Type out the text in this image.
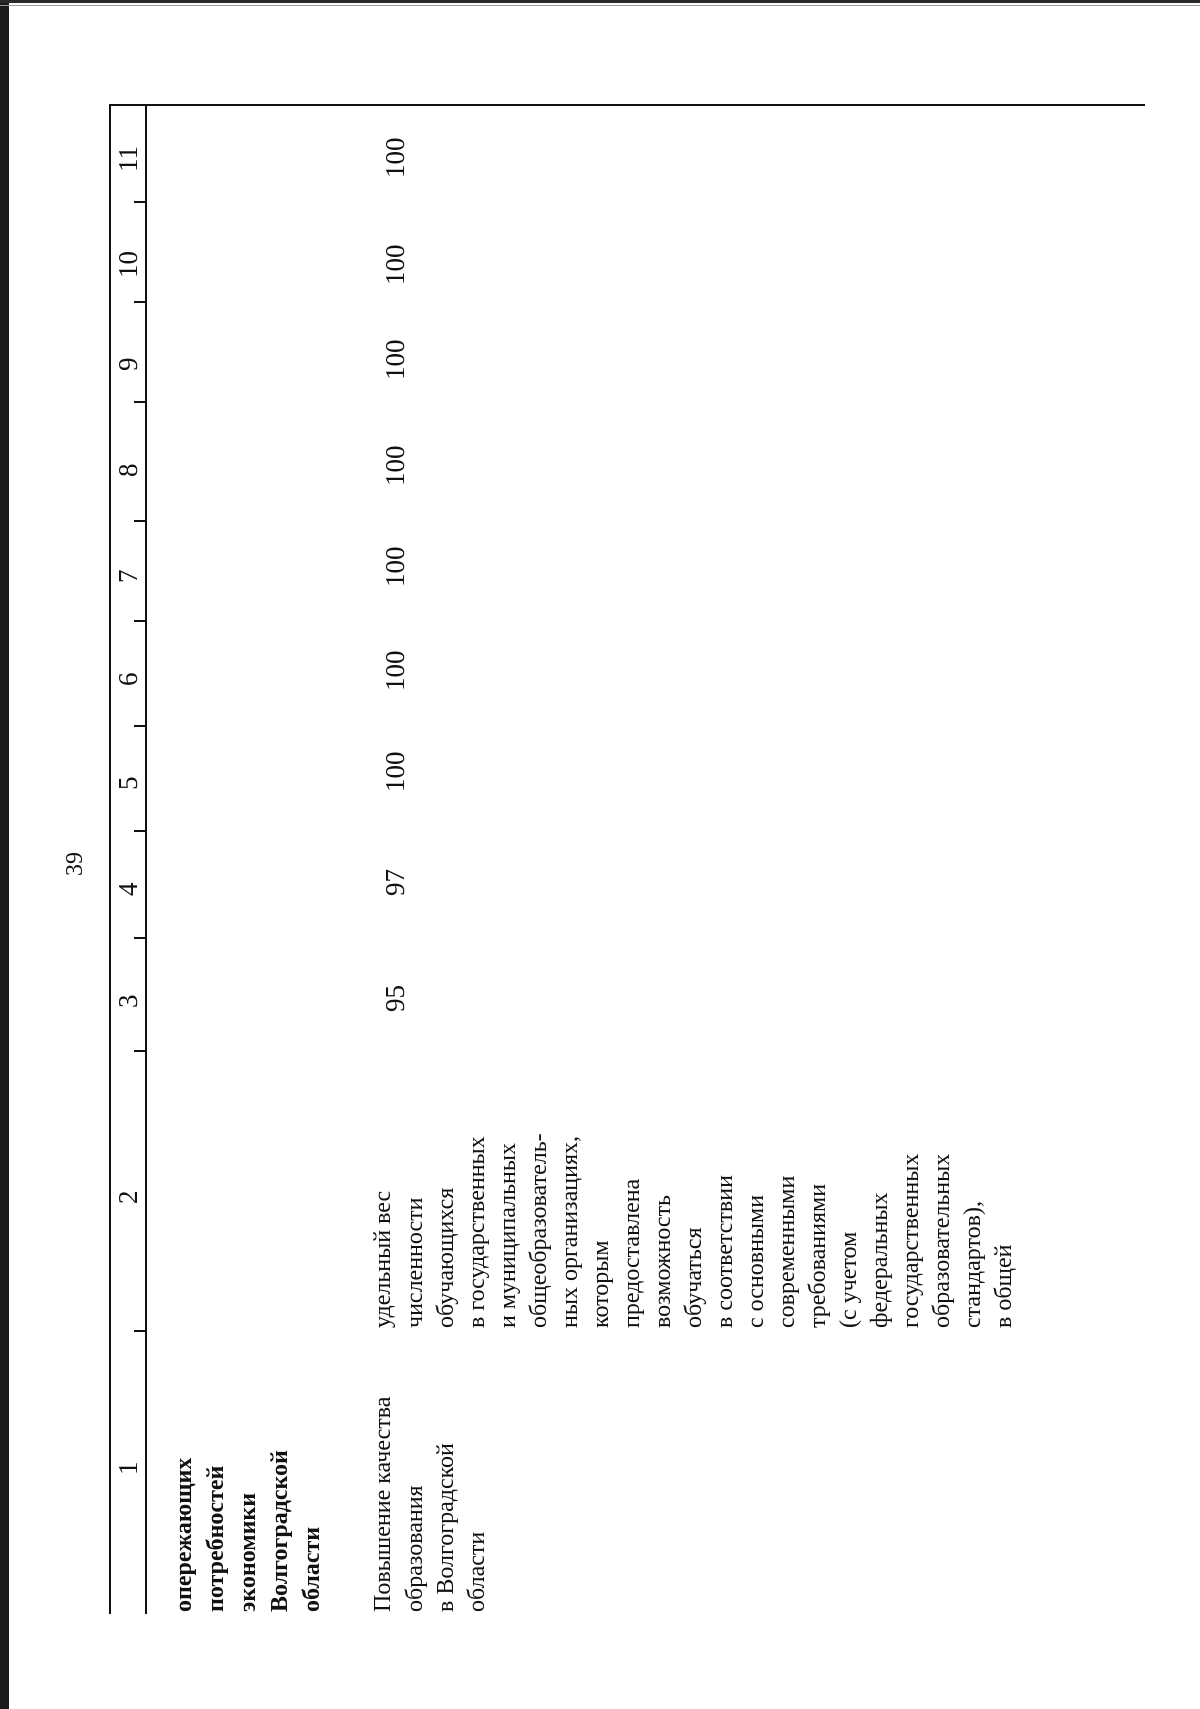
39
11
10
9
8
7
6
5
4
3
2
1 опережающих потребностей экономики Волгоградской области Повышение качества образования в Волгоградской области
удельный вес численности обучающихся в государственных и муниципальных общеобразователь- ных организациях, которым предоставлена возможность обучаться в соответствии с основными современными требованиями (с учетом федеральных государственных образовательных стандартов), в общей
95
97
100
100
100
100
100
100
100
